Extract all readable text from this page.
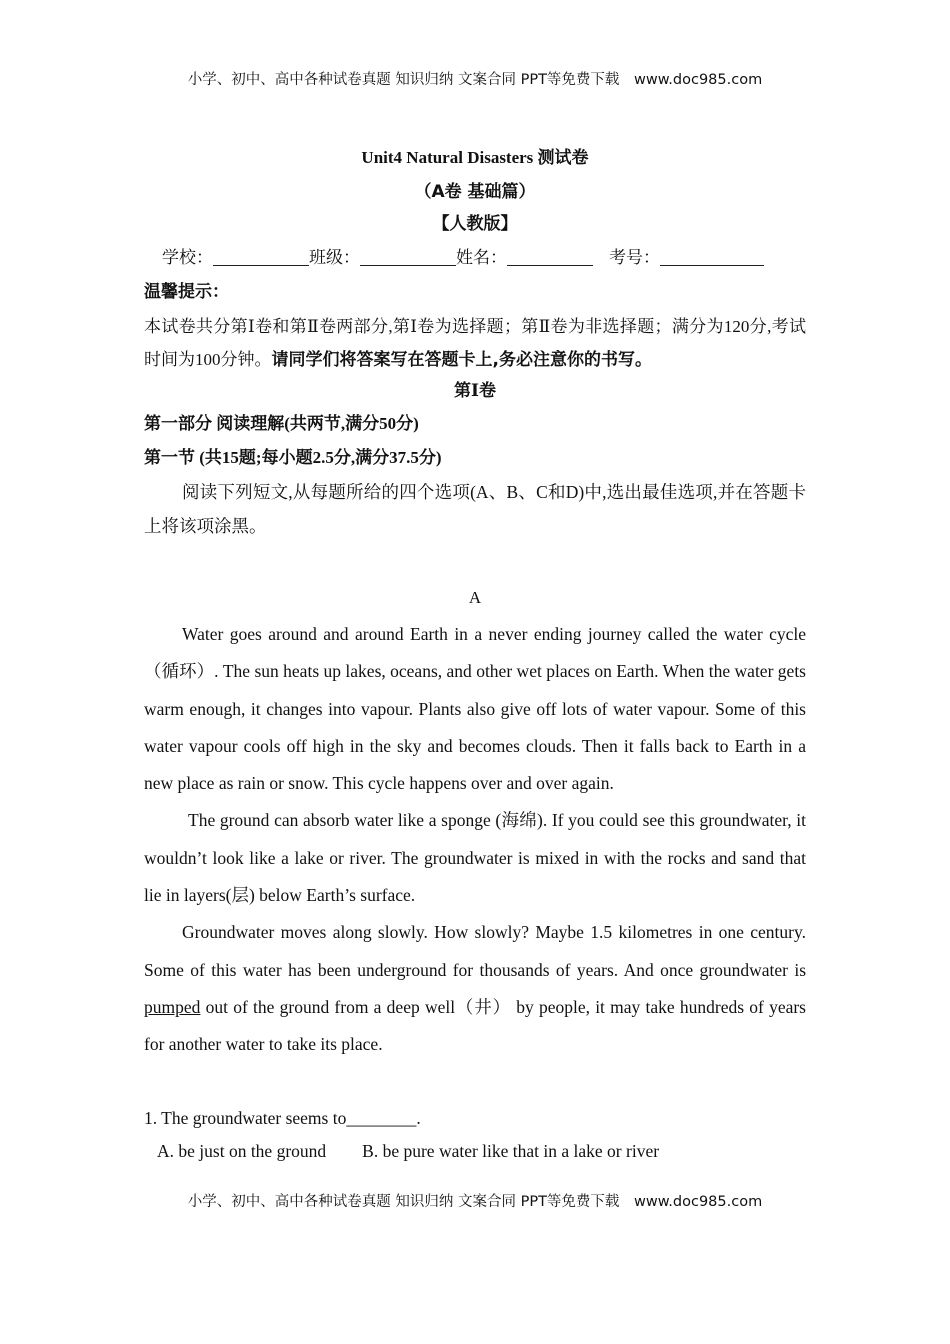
小学、初中、高中各种试卷真题 知识归纳 文案合同 PPT等免费下载 www.doc985.com
Unit4 Natural Disasters 测试卷
（A卷 基础篇）
【人教版】
学校：	班级：	姓名：	考号：
温馨提示：
本试卷共分第Ⅰ卷和第Ⅱ卷两部分,第Ⅰ卷为选择题；第Ⅱ卷为非选择题；满分为120分,考试时间为100分钟。请同学们将答案写在答题卡上,务必注意你的书写。
第Ⅰ卷
第一部分 阅读理解(共两节,满分50分)
第一节 (共15题;每小题2.5分,满分37.5分)
阅读下列短文,从每题所给的四个选项(A、B、C和D)中,选出最佳选项,并在答题卡上将该项涂黑。
A

Water goes around and around Earth in a never ending journey called the water cycle（循环）. The sun heats up lakes, oceans, and other wet places on Earth. When the water gets warm enough, it changes into vapour. Plants also give off lots of water vapour. Some of this water vapour cools off high in the sky and becomes clouds. Then it falls back to Earth in a new place as rain or snow. This cycle happens over and over again.

The ground can absorb water like a sponge (海绵). If you could see this groundwater, it wouldn’t look like a lake or river. The groundwater is mixed in with the rocks and sand that lie in layers(层) below Earth’s surface.

Groundwater moves along slowly. How slowly? Maybe 1.5 kilometres in one century. Some of this water has been underground for thousands of years. And once groundwater is pumped out of the ground from a deep well（井） by people, it may take hundreds of years for another water to take its place.

1. The groundwater seems to________.
A. be just on the ground B. be pure water like that in a lake or river
小学、初中、高中各种试卷真题 知识归纳 文案合同 PPT等免费下载 www.doc985.com
